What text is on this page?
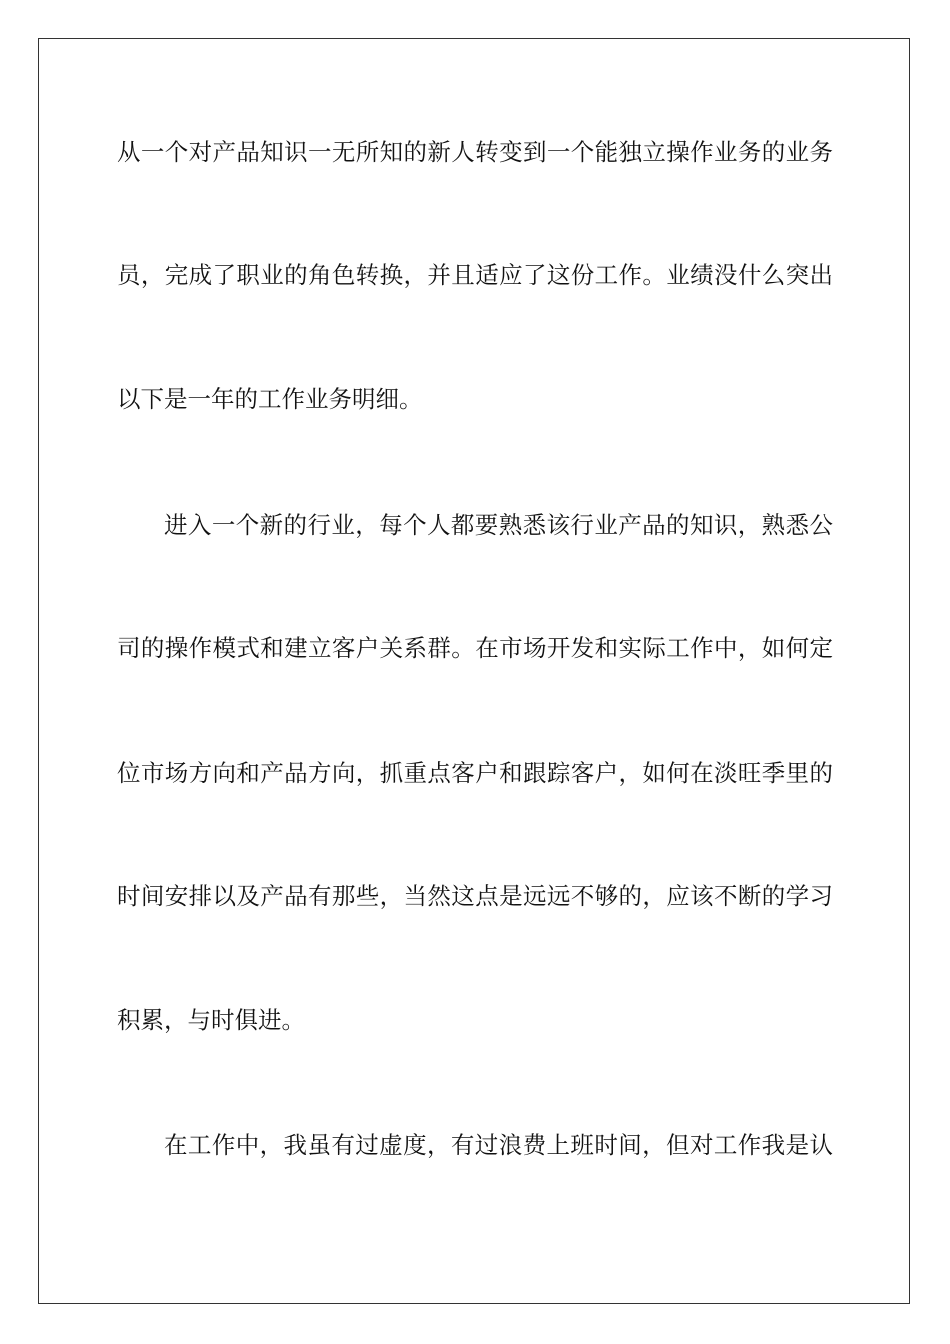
从一个对产品知识一无所知的新人转变到一个能独立操作业务的业务
员，完成了职业的角色转换，并且适应了这份工作。业绩没什么突出
以下是一年的工作业务明细。
进入一个新的行业，每个人都要熟悉该行业产品的知识，熟悉公
司的操作模式和建立客户关系群。在市场开发和实际工作中，如何定
位市场方向和产品方向，抓重点客户和跟踪客户，如何在淡旺季里的
时间安排以及产品有那些，当然这点是远远不够的，应该不断的学习
积累，与时俱进。
在工作中，我虽有过虚度，有过浪费上班时间，但对工作我是认
